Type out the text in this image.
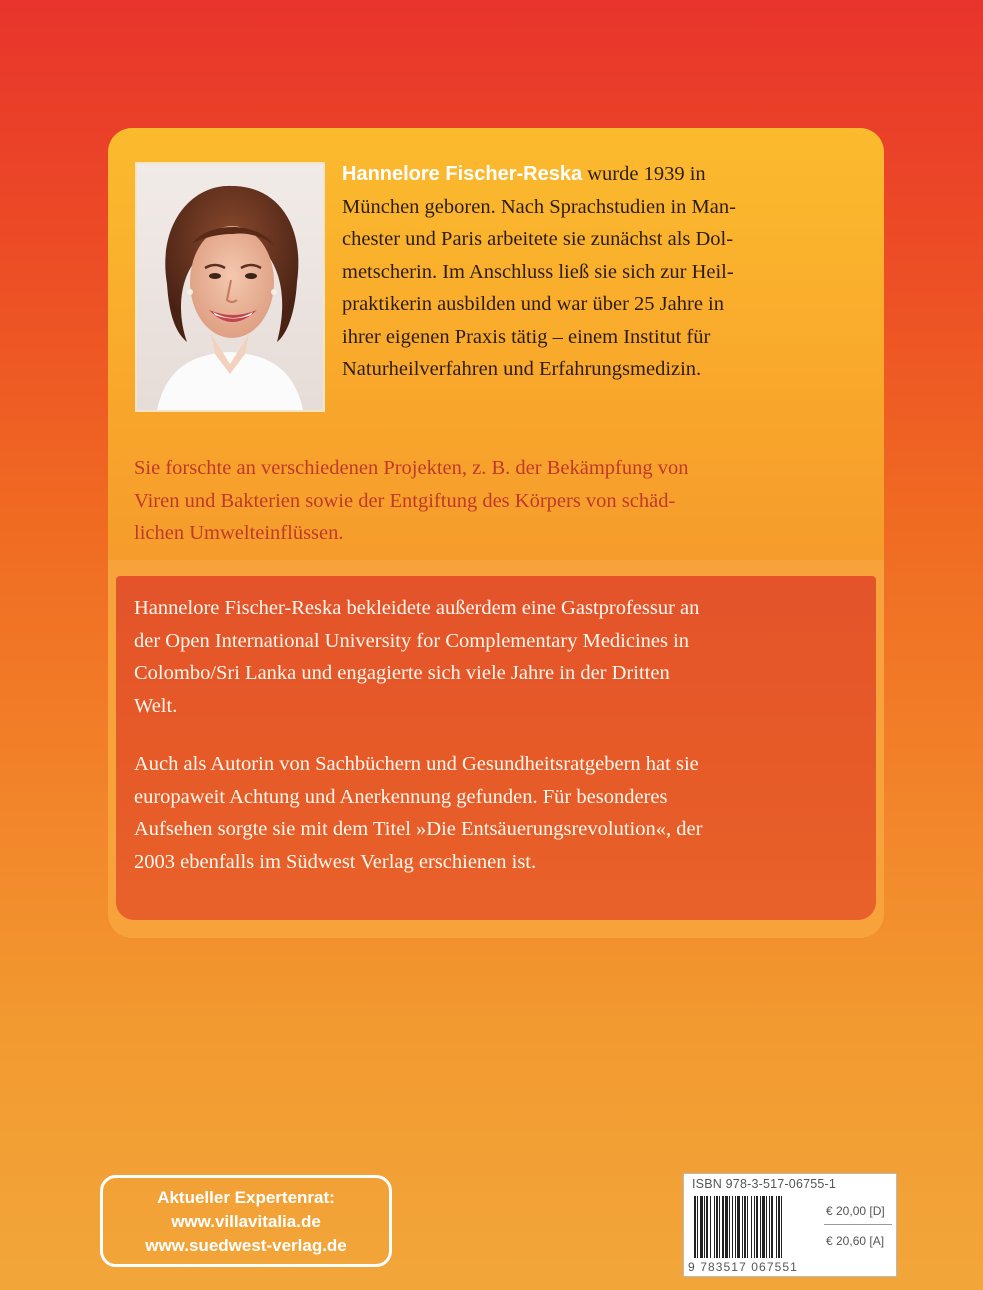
Hannelore Fischer-Reska wurde 1939 in
München geboren. Nach Sprachstudien in Man-
chester und Paris arbeitete sie zunächst als Dol-
metscherin. Im Anschluss ließ sie sich zur Heil-
praktikerin ausbilden und war über 25 Jahre in
ihrer eigenen Praxis tätig – einem Institut für
Naturheilverfahren und Erfahrungsmedizin.
Sie forschte an verschiedenen Projekten, z. B. der Bekämpfung von
Viren und Bakterien sowie der Entgiftung des Körpers von schäd-
lichen Umwelteinflüssen.
Hannelore Fischer-Reska bekleidete außerdem eine Gastprofessur an
der Open International University for Complementary Medicines in
Colombo/Sri Lanka und engagierte sich viele Jahre in der Dritten
Welt.
Auch als Autorin von Sachbüchern und Gesundheitsratgebern hat sie
europaweit Achtung und Anerkennung gefunden. Für besonderes
Aufsehen sorgte sie mit dem Titel »Die Entsäuerungsrevolution«, der
2003 ebenfalls im Südwest Verlag erschienen ist.
Aktueller Expertenrat:
www.villavitalia.de
www.suedwest-verlag.de
ISBN 978-3-517-06755-1
9 783517 067551
€ 20,00 [D]
€ 20,60 [A]
